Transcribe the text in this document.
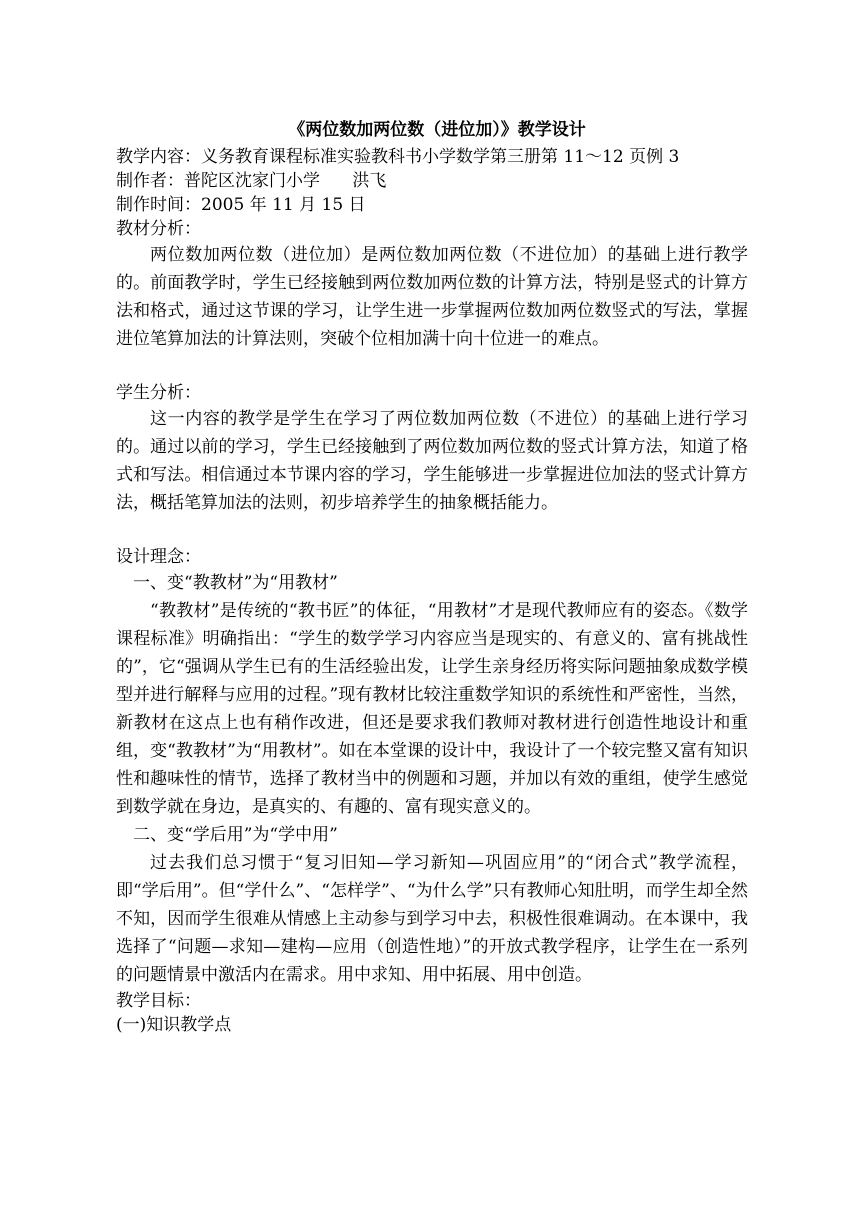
《两位数加两位数（进位加）》教学设计
教学内容：义务教育课程标准实验教科书小学数学第三册第 11～12 页例 3
制作者：普陀区沈家门小学      洪飞
制作时间：2005 年 11 月 15 日
教材分析：

两位数加两位数（进位加）是两位数加两位数（不进位加）的基础上进行教学的。前面教学时，学生已经接触到两位数加两位数的计算方法，特别是竖式的计算方法和格式，通过这节课的学习，让学生进一步掌握两位数加两位数竖式的写法，掌握进位笔算加法的计算法则，突破个位相加满十向十位进一的难点。

学生分析：

这一内容的教学是学生在学习了两位数加两位数（不进位）的基础上进行学习的。通过以前的学习，学生已经接触到了两位数加两位数的竖式计算方法，知道了格式和写法。相信通过本节课内容的学习，学生能够进一步掌握进位加法的竖式计算方法，概括笔算加法的法则，初步培养学生的抽象概括能力。

设计理念：
一、变“教教材”为“用教材”

“教教材”是传统的“教书匠”的体征，“用教材”才是现代教师应有的姿态。《数学课程标准》明确指出：“学生的数学学习内容应当是现实的、有意义的、富有挑战性的”，它“强调从学生已有的生活经验出发，让学生亲身经历将实际问题抽象成数学模型并进行解释与应用的过程。”现有教材比较注重数学知识的系统性和严密性，当然，新教材在这点上也有稍作改进，但还是要求我们教师对教材进行创造性地设计和重组，变“教教材”为“用教材”。如在本堂课的设计中，我设计了一个较完整又富有知识性和趣味性的情节，选择了教材当中的例题和习题，并加以有效的重组，使学生感觉到数学就在身边，是真实的、有趣的、富有现实意义的。

二、变“学后用”为“学中用”

过去我们总习惯于“复习旧知—学习新知—巩固应用”的“闭合式”教学流程，即“学后用”。但“学什么”、“怎样学”、“为什么学”只有教师心知肚明，而学生却全然不知，因而学生很难从情感上主动参与到学习中去，积极性很难调动。在本课中，我选择了“问题—求知—建构—应用（创造性地）”的开放式教学程序，让学生在一系列的问题情景中激活内在需求。用中求知、用中拓展、用中创造。

教学目标：
(一)知识教学点
